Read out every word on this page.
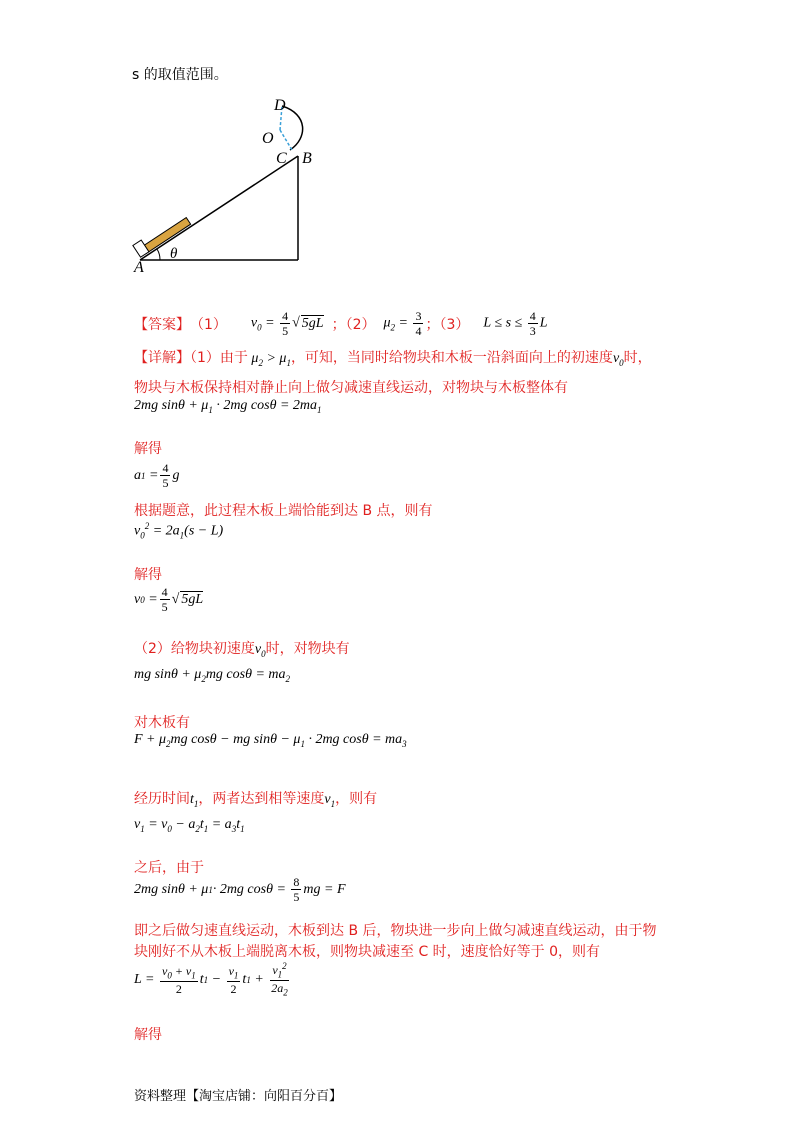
s 的取值范围。
D
O
C B
A
θ
【答案】 （1） $v_0 = \frac{4}{5}$ √ 5gL ；（2） $\mu_2 = \frac{3}{4}$ ；（3） $L \le s \le \frac{4}{3}$ L
【详解】（1）由于 $\mu_2 > \mu_1$，可知，当同时给物块和木板一沿斜面向上的初速度$v_0$时，
物块与木板保持相对静止向上做匀减速直线运动，对物块与木板整体有
2mg $\sin\theta + \mu_1 \cdot 2mg$ $\cos\theta = 2ma_1$
解得
a $1 = \frac{4}{5}$ g
根据题意，此过程木板上端恰能到达 B 点，则有
$v_0^2 = 2a_1(s - L)$
解得
v $0 = \frac{4}{5}$ √ 5gL
（2）给物块初速度$v_0$时，对物块有
mg $\sin\theta + \mu_2mg$ $\cos\theta = ma_2$
对木板有
$F + \mu_2mg$ cosθ − mg $\sin\theta - \mu_1 \cdot 2mg$ $\cos\theta = ma_3$
经历时间$t_1$，两者达到相等速度$v_1$，则有
$v_1 = v_0 - a_2t_1 = a_3t_1$
之后，由于
2mg sinθ + μ 1 · 2mg $\cos\theta = \frac{8}{5}$ mg = F
即之后做匀速直线运动，木板到达 B 后，物块进一步向上做匀减速直线运动，由于物
块刚好不从木板上端脱离木板，则物块减速至 C 时，速度恰好等于 0，则有
$L = \frac{v_0 + v_1}{2}$ t $1 - \frac{v_1}{2}$ t $1 + \frac{v_1^2}{2a_2}$
解得
资料整理【淘宝店铺：向阳百分百】
